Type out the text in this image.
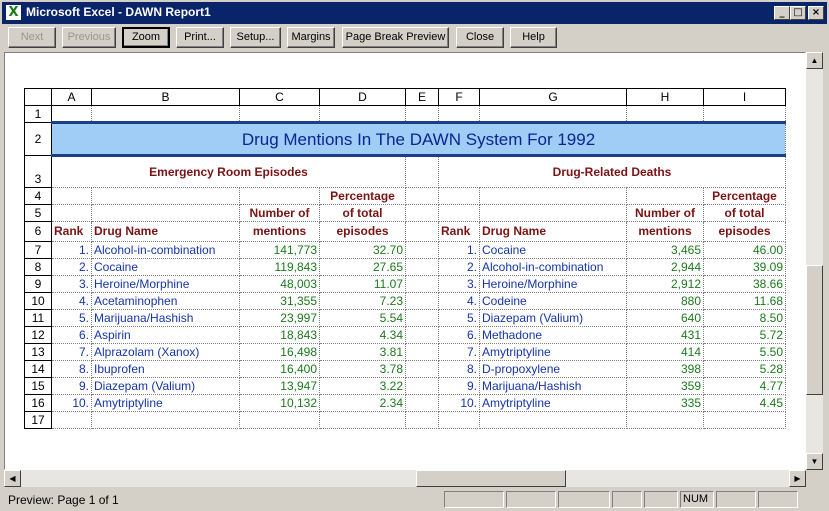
X Microsoft Excel - DAWN Report1	_ □ ×
Next	Previous	Zoom	Print...	Setup...	Margins	Page Break Preview	Close	Help
	A	B	C	D	E	F	G	H	I
1									
2	Drug Mentions In The DAWN System For 1992								
3	Emergency Room Episodes					Drug-Related Deaths			
4				Percentage					Percentage
5			Number of	of total				Number of	of total
6	Rank	Drug Name	mentions	episodes		Rank	Drug Name	mentions	episodes
7	1.	Alcohol-in-combination	141,773	32.70		1.	Cocaine	3,465	46.00
8	2.	Cocaine	119,843	27.65		2.	Alcohol-in-combination	2,944	39.09
9	3.	Heroine/Morphine	48,003	11.07		3.	Heroine/Morphine	2,912	38.66
10	4.	Acetaminophen	31,355	7.23		4.	Codeine	880	11.68
11	5.	Marijuana/Hashish	23,997	5.54		5.	Diazepam (Valium)	640	8.50
12	6.	Aspirin	18,843	4.34		6.	Methadone	431	5.72
13	7.	Alprazolam (Xanox)	16,498	3.81		7.	Amytriptyline	414	5.50
14	8.	Ibuprofen	16,400	3.78		8.	D-propoxylene	398	5.28
15	9.	Diazepam (Valium)	13,947	3.22		9.	Marijuana/Hashish	359	4.77
16	10.	Amytriptyline	10,132	2.34		10.	Amytriptyline	335	4.45
17									
▲
▼
◀	▶
Preview: Page 1 of 1	NUM
